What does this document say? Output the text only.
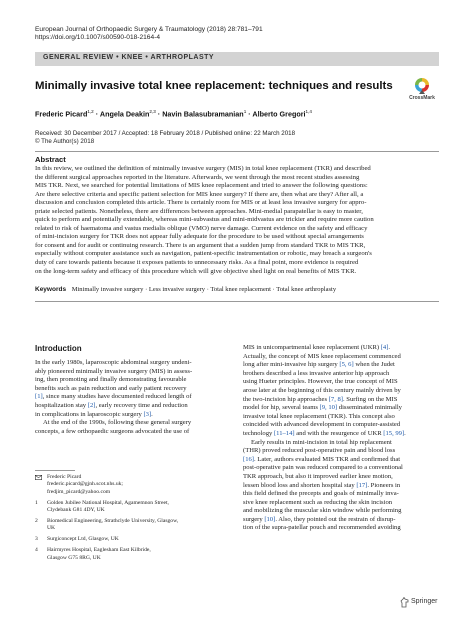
European Journal of Orthopaedic Surgery & Traumatology (2018) 28:781–791
https://doi.org/10.1007/s00590-018-2164-4
GENERAL REVIEW • KNEE • ARTHROPLASTY
Minimally invasive total knee replacement: techniques and results
CrossMark
Frederic Picard$^{1,2}$ · Angela Deakin$^{2,3}$ · Navin Balasubramanian$^1$ · Alberto Gregori$^{1,4}$
Received: 30 December 2017 / Accepted: 18 February 2018 / Published online: 22 March 2018
© The Author(s) 2018
Abstract
In this review, we outlined the definition of minimally invasive surgery (MIS) in total knee replacement (TKR) and described
the different surgical approaches reported in the literature. Afterwards, we went through the most recent studies assessing
MIS TKR. Next, we searched for potential limitations of MIS knee replacement and tried to answer the following questions:
Are there selective criteria and specific patient selection for MIS knee surgery? If there are, then what are they? After all, a
discussion and conclusion completed this article. There is certainly room for MIS or at least less invasive surgery for appro-
priate selected patients. Nonetheless, there are differences between approaches. Mini-medial parapatellar is easy to master,
quick to perform and potentially extendable, whereas mini-subvastus and mini-midvastus are trickier and require more caution
related to risk of haematoma and vastus medialis oblique (VMO) nerve damage. Current evidence on the safety and efficacy
of mini-incision surgery for TKR does not appear fully adequate for the procedure to be used without special arrangements
for consent and for audit or continuing research. There is an argument that a sudden jump from standard TKR to MIS TKR,
especially without computer assistance such as navigation, patient-specific instrumentation or robotic, may breach a surgeon's
duty of care towards patients because it exposes patients to unnecessary risks. As a final point, more evidence is required
on the long-term safety and efficacy of this procedure which will give objective shed light on real benefits of MIS TKR.
Keywords Minimally invasive surgery · Less invasive surgery · Total knee replacement · Total knee arthroplasty
Introduction
In the early 1980s, laparoscopic abdominal surgery undeni-
ably pioneered minimally invasive surgery (MIS) in assess-
ing, then promoting and finally demonstrating favourable
benefits such as pain reduction and early patient recovery
[1], since many studies have documented reduced length of
hospitalization stay [2], early recovery time and reduction
in complications in laparoscopic surgery [3].
At the end of the 1990s, following these general surgery
concepts, a few orthopaedic surgeons advocated the use of
MIS in unicompartmental knee replacement (UKR) [4].
Actually, the concept of MIS knee replacement commenced
long after mini-invasive hip surgery [5, 6] when the Judet
brothers described a less invasive anterior hip approach
using Hueter principles. However, the true concept of MIS
arose later at the beginning of this century mainly driven by
the two-incision hip approaches [7, 8]. Surfing on the MIS
model for hip, several teams [9, 10] disseminated minimally
invasive total knee replacement (TKR). This concept also
coincided with advanced development in computer-assisted
technology [11–14] and with the resurgence of UKR [15, 99].
Early results in mini-incision in total hip replacement
(THR) proved reduced post-operative pain and blood loss
[16]. Later, authors evaluated MIS TKR and confirmed that
post-operative pain was reduced compared to a conventional
TKR approach, but also it improved earlier knee motion,
lessen blood loss and shorten hospital stay [17]. Pioneers in
this field defined the precepts and goals of minimally inva-
sive knee replacement such as reducing the skin incision
and mobilizing the muscular skin window while performing
surgery [10]. Also, they pointed out the restrain of disrup-
tion of the supra-patellar pouch and recommended avoiding
Frederic Picard
frederic.picard@gjnh.scot.nhs.uk;
fredjim_picard@yahoo.com
1 Golden Jubilee National Hospital, Agamemnon Street,
Clydebank G81 4DY, UK
2 Biomedical Engineering, Strathclyde University, Glasgow,
UK
3 Surgiconcept Ltd, Glasgow, UK
4 Hairmyres Hospital, Eaglesham East Kilbride,
Glasgow G75 8RG, UK
Springer
